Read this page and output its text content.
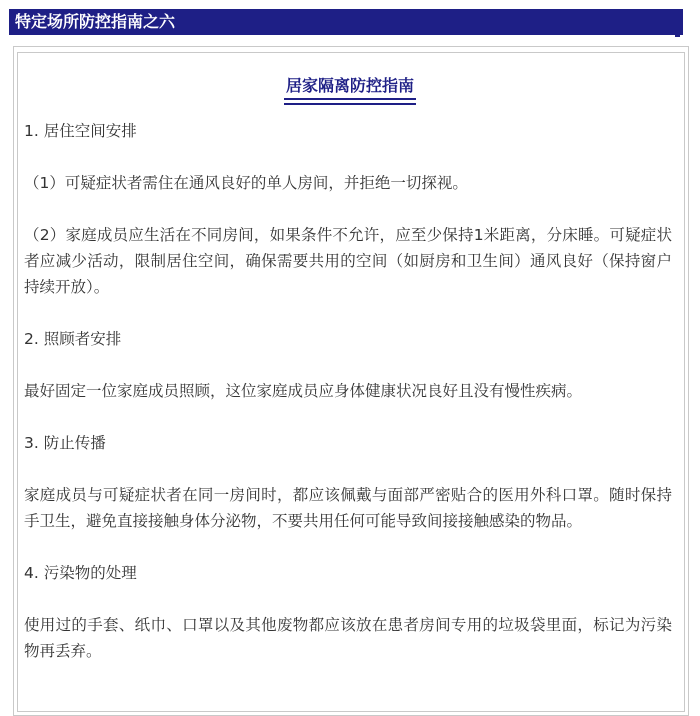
特定场所防控指南之六
居家隔离防控指南

1. 居住空间安排

（1）可疑症状者需住在通风良好的单人房间，并拒绝一切探视。

（2）家庭成员应生活在不同房间，如果条件不允许，应至少保持1米距离，分床睡。可疑症状者应减少活动，限制居住空间，确保需要共用的空间（如厨房和卫生间）通风良好（保持窗户持续开放）。

2. 照顾者安排

最好固定一位家庭成员照顾，这位家庭成员应身体健康状况良好且没有慢性疾病。

3. 防止传播

家庭成员与可疑症状者在同一房间时，都应该佩戴与面部严密贴合的医用外科口罩。随时保持手卫生，避免直接接触身体分泌物，不要共用任何可能导致间接接触感染的物品。

4. 污染物的处理

使用过的手套、纸巾、口罩以及其他废物都应该放在患者房间专用的垃圾袋里面，标记为污染物再丢弃。
